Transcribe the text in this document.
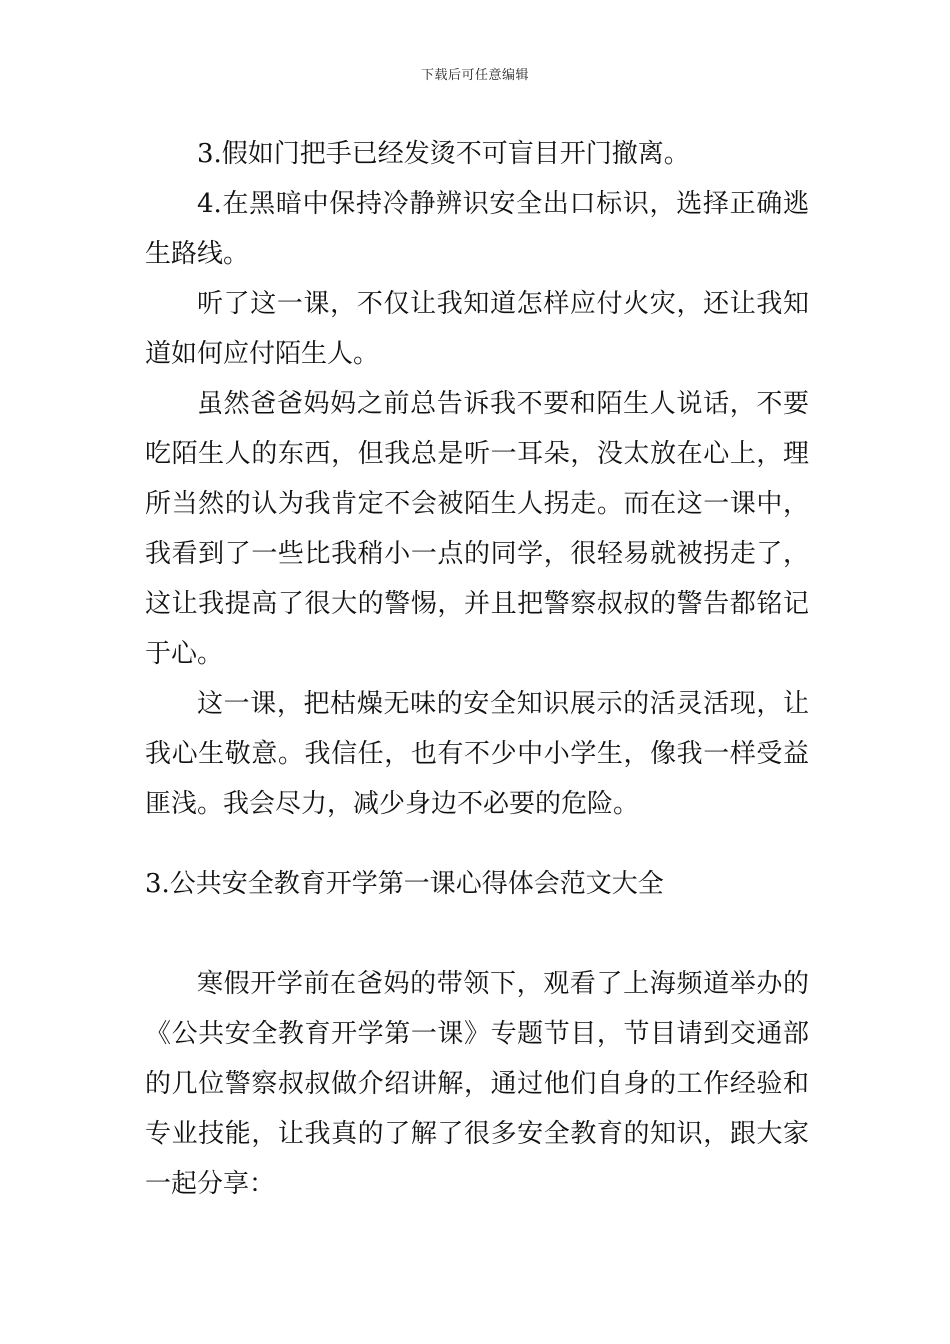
下载后可任意编辑

3.假如门把手已经发烫不可盲目开门撤离。

4.在黑暗中保持冷静辨识安全出口标识，选择正确逃生路线。

听了这一课，不仅让我知道怎样应付火灾，还让我知道如何应付陌生人。

虽然爸爸妈妈之前总告诉我不要和陌生人说话，不要吃陌生人的东西，但我总是听一耳朵，没太放在心上，理所当然的认为我肯定不会被陌生人拐走。而在这一课中，我看到了一些比我稍小一点的同学，很轻易就被拐走了，这让我提高了很大的警惕，并且把警察叔叔的警告都铭记于心。

这一课，把枯燥无味的安全知识展示的活灵活现，让我心生敬意。我信任，也有不少中小学生，像我一样受益匪浅。我会尽力，减少身边不必要的危险。

3.公共安全教育开学第一课心得体会范文大全

寒假开学前在爸妈的带领下，观看了上海频道举办的《公共安全教育开学第一课》专题节目，节目请到交通部的几位警察叔叔做介绍讲解，通过他们自身的工作经验和专业技能，让我真的了解了很多安全教育的知识，跟大家一起分享：
